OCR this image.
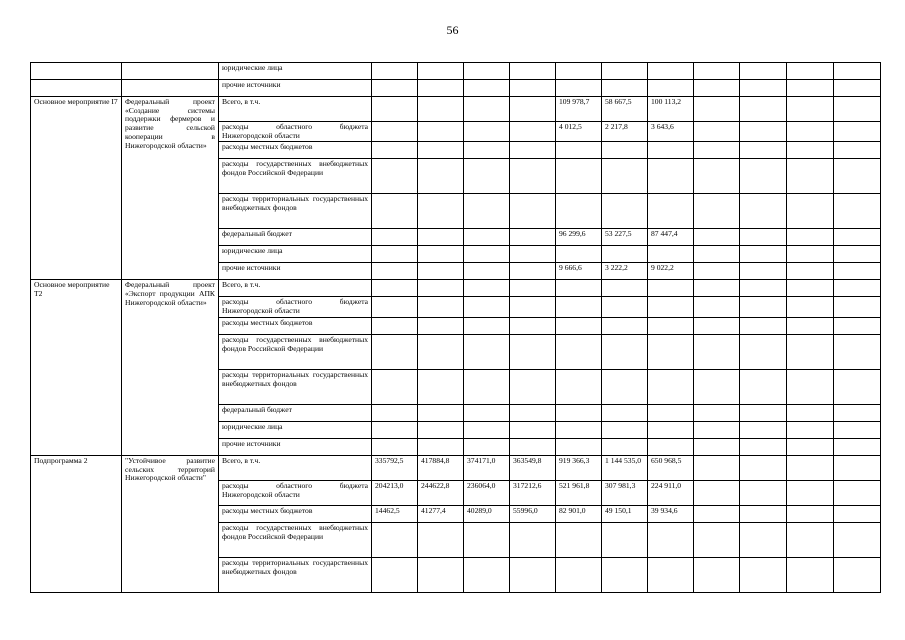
56
		юридические лица											
		прочие источники											
Основное мероприятие I7	Федеральный проект «Создание системы поддержки фермеров и развитие сельской кооперации в Нижегородской области»	Всего, в т.ч.					109 978,7	58 667,5	100 113,2				
		расходы областного бюджета Нижегородской области					4 012,5	2 217,8	3 643,6				
		расходы местных бюджетов											
		расходы государственных внебюджетных фондов Российской Федерации											
		расходы территориальных государственных внебюджетных фондов											
		федеральный бюджет					96 299,6	53 227,5	87 447,4				
		юридические лица											
		прочие источники					9 666,6	3 222,2	9 022,2				
Основное мероприятие T2	Федеральный проект «Экспорт продукции АПК Нижегородской области»	Всего, в т.ч.											
		расходы областного бюджета Нижегородской области											
		расходы местных бюджетов											
		расходы государственных внебюджетных фондов Российской Федерации											
		расходы территориальных государственных внебюджетных фондов											
		федеральный бюджет											
		юридические лица											
		прочие источники											
Подпрограмма 2	"Устойчивое развитие сельских территорий Нижегородской области"	Всего, в т.ч.	335792,5	417884,8	374171,0	363549,8	919 366,3	1 144 535,0	650 968,5				
		расходы областного бюджета Нижегородской области	204213,0	244622,8	236064,0	317212,6	521 961,8	307 981,3	224 911,0				
		расходы местных бюджетов	14462,5	41277,4	40289,0	55996,0	82 901,0	49 150,1	39 934,6				
		расходы государственных внебюджетных фондов Российской Федерации											
		расходы территориальных государственных внебюджетных фондов											
